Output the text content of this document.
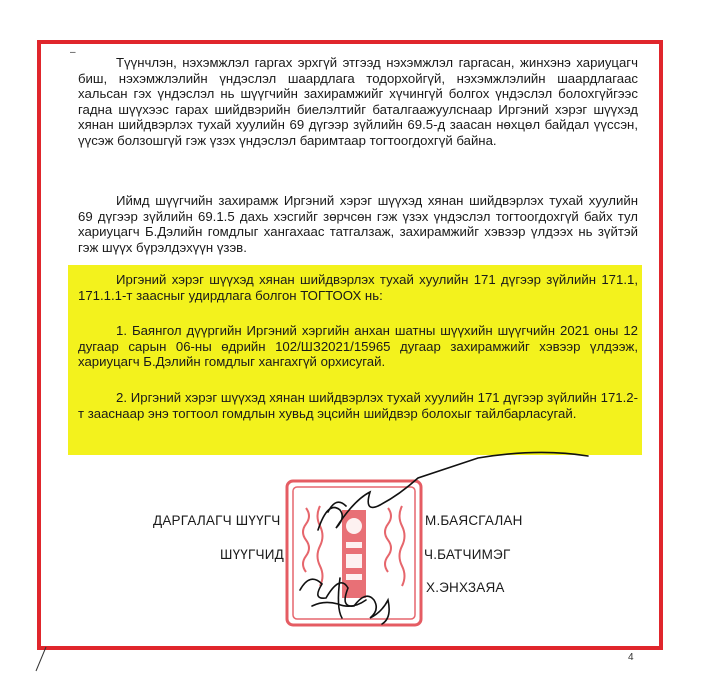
–

Түүнчлэн, нэхэмжлэл гаргах эрхгүй этгээд нэхэмжлэл гаргасан, жинхэнэ хариуцагч биш, нэхэмжлэлийн үндэслэл шаардлага тодорхойгүй, нэхэмжлэлийн шаардлагаас хальсан гэх үндэслэл нь шүүгчийн захирамжийг хүчингүй болгох үндэслэл болохгүйгээс гадна шүүхээс гарах шийдвэрийн биелэлтийг баталгаажуулснаар Иргэний хэрэг шүүхэд хянан шийдвэрлэх тухай хуулийн 69 дүгээр зүйлийн 69.5-д заасан нөхцөл байдал үүссэн, үүсэж болзошгүй гэж үзэх үндэслэл баримтаар тогтоогдохгүй байна.

Иймд шүүгчийн захирамж Иргэний хэрэг шүүхэд хянан шийдвэрлэх тухай хуулийн 69 дүгээр зүйлийн 69.1.5 дахь хэсгийг зөрчсөн гэж үзэх үндэслэл тогтоогдохгүй байх тул хариуцагч Б.Дэлийн гомдлыг хангахаас татгалзаж, захирамжийг хэвээр үлдээх нь зүйтэй гэж шүүх бүрэлдэхүүн үзэв.

Иргэний хэрэг шүүхэд хянан шийдвэрлэх тухай хуулийн 171 дүгээр зүйлийн 171.1, 171.1.1-т заасныг удирдлага болгон ТОГТООХ нь:

1. Баянгол дүүргийн Иргэний хэргийн анхан шатны шүүхийн шүүгчийн 2021 оны 12 дугаар сарын 06-ны өдрийн 102/ШЗ2021/15965 дугаар захирамжийг хэвээр үлдээж, хариуцагч Б.Дэлийн гомдлыг хангахгүй орхисугай.

2. Иргэний хэрэг шүүхэд хянан шийдвэрлэх тухай хуулийн 171 дүгээр зүйлийн 171.2-т зааснаар энэ тогтоол гомдлын хувьд эцсийн шийдвэр болохыг тайлбарласугай.

ДАРГАЛАГЧ ШҮҮГЧ
ШҮҮГЧИД
М.БАЯСГАЛАН
Ч.БАТЧИМЭГ
Х.ЭНХЗАЯА
4
